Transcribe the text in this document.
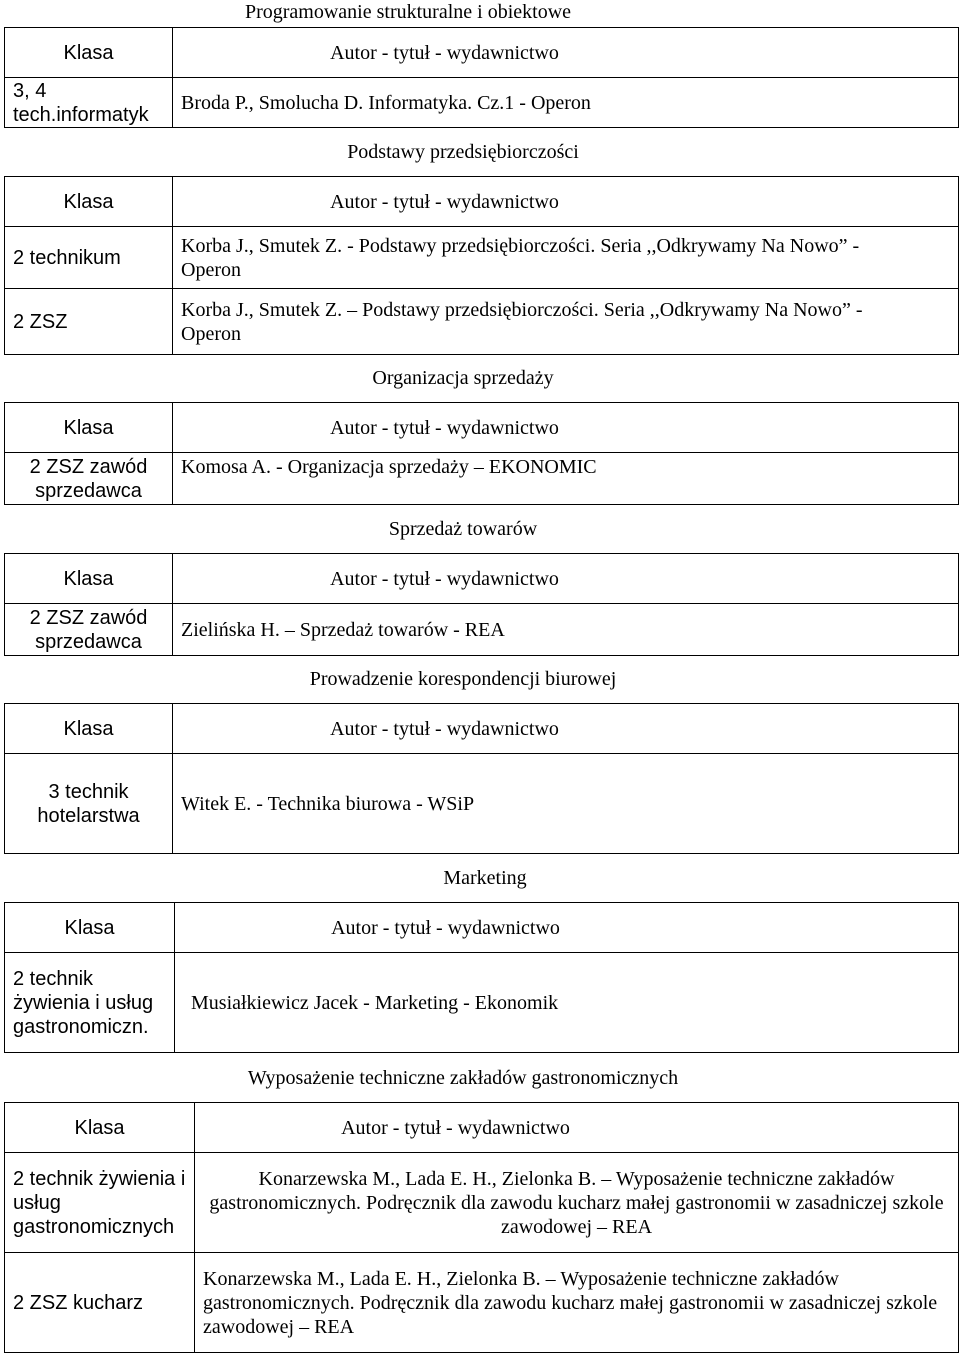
Programowanie strukturalne i obiektowe
Klasa	Autor - tytuł - wydawnictwo
3, 4 tech.informatyk	Broda P., Smolucha D. Informatyka. Cz.1 - Operon
Podstawy przedsiębiorczości
Klasa	Autor - tytuł - wydawnictwo
2 technikum	Korba J., Smutek Z. - Podstawy przedsiębiorczości. Seria ,,Odkrywamy Na Nowo” - Operon
2 ZSZ	Korba J., Smutek Z. – Podstawy przedsiębiorczości. Seria ,,Odkrywamy Na Nowo” - Operon
Organizacja sprzedaży
Klasa	Autor - tytuł - wydawnictwo
2 ZSZ zawód sprzedawca	Komosa A. - Organizacja sprzedaży – EKONOMIC
Sprzedaż towarów
Klasa	Autor - tytuł - wydawnictwo
2 ZSZ zawód sprzedawca	Zielińska H. – Sprzedaż towarów - REA
Prowadzenie korespondencji biurowej
Klasa	Autor - tytuł - wydawnictwo
3 technik hotelarstwa	Witek E. - Technika biurowa - WSiP
Marketing
Klasa	Autor - tytuł - wydawnictwo
2 technik żywienia i usług gastronomiczn.	Musiałkiewicz Jacek - Marketing - Ekonomik
Wyposażenie techniczne zakładów gastronomicznych
Klasa	Autor - tytuł - wydawnictwo
2 technik żywienia i usług gastronomicznych	Konarzewska M., Lada E. H., Zielonka B. – Wyposażenie techniczne zakładów gastronomicznych. Podręcznik dla zawodu kucharz małej gastronomii w zasadniczej szkole zawodowej – REA
2 ZSZ kucharz	Konarzewska M., Lada E. H., Zielonka B. – Wyposażenie techniczne zakładów gastronomicznych. Podręcznik dla zawodu kucharz małej gastronomii w zasadniczej szkole zawodowej – REA
